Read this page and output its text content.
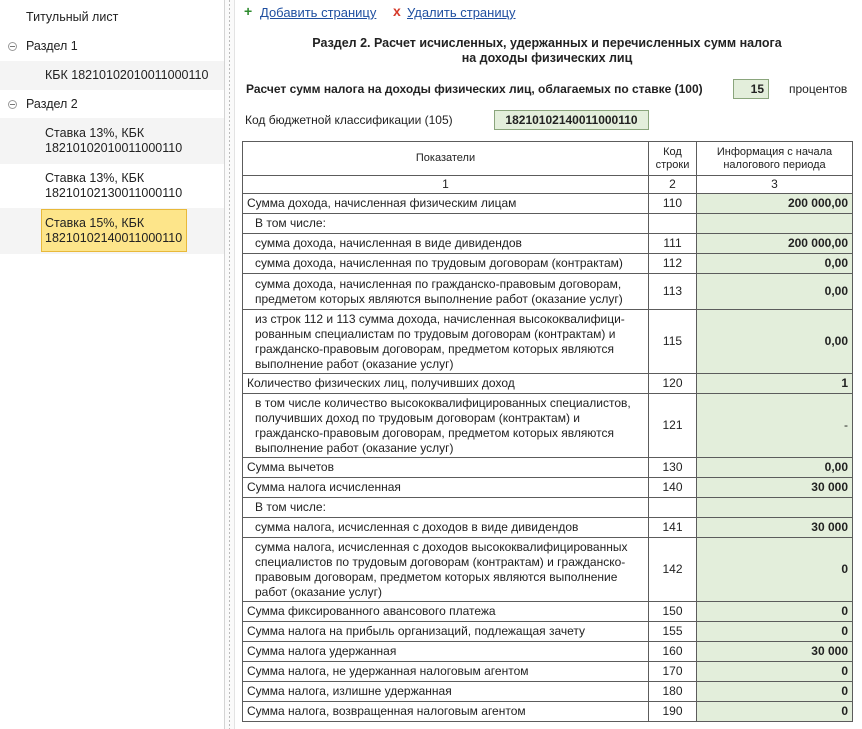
Титульный лист
Раздел 1
КБК 18210102010011000110
Раздел 2
Ставка 13%, КБК
18210102010011000110
Ставка 13%, КБК
18210102130011000110
Ставка 15%, КБК
18210102140011000110
+ Добавить страницу x Удалить страницу
Раздел 2. Расчет исчисленных, удержанных и перечисленных сумм налога
на доходы физических лиц
Расчет сумм налога на доходы физических лиц, облагаемых по ставке (100)	15	процентов
Код бюджетной классификации (105)	18210102140011000110
Показатели	Код строки	Информация с начала налогового периода
1	2	3
Сумма дохода, начисленная физическим лицам	110	200 000,00
В том числе:		
сумма дохода, начисленная в виде дивидендов	111	200 000,00
сумма дохода, начисленная по трудовым договорам (контрактам)	112	0,00
сумма дохода, начисленная по гражданско-правовым договорам, предметом которых являются выполнение работ (оказание услуг)	113	0,00
из строк 112 и 113 сумма дохода, начисленная высококвалифици-рованным специалистам по трудовым договорам (контрактам) и гражданско-правовым договорам, предметом которых являются выполнение работ (оказание услуг)	115	0,00
Количество физических лиц, получивших доход	120	1
в том числе количество высококвалифицированных специалистов, получивших доход по трудовым договорам (контрактам) и гражданско-правовым договорам, предметом которых являются выполнение работ (оказание услуг)	121	-
Сумма вычетов	130	0,00
Сумма налога исчисленная	140	30 000
В том числе:		
сумма налога, исчисленная с доходов в виде дивидендов	141	30 000
сумма налога, исчисленная с доходов высококвалифицированных специалистов по трудовым договорам (контрактам) и гражданско-правовым договорам, предметом которых являются выполнение работ (оказание услуг)	142	0
Сумма фиксированного авансового платежа	150	0
Сумма налога на прибыль организаций, подлежащая зачету	155	0
Сумма налога удержанная	160	30 000
Сумма налога, не удержанная налоговым агентом	170	0
Сумма налога, излишне удержанная	180	0
Сумма налога, возвращенная налоговым агентом	190	0
